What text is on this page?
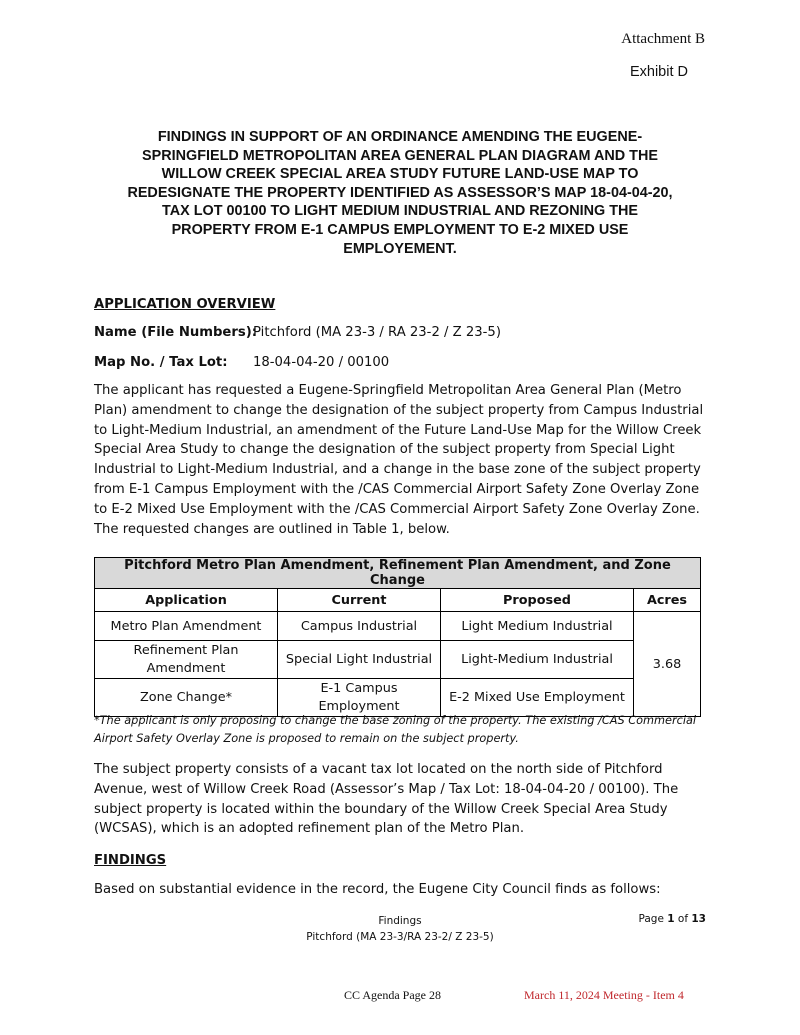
Attachment B
Exhibit D
FINDINGS IN SUPPORT OF AN ORDINANCE AMENDING THE EUGENE-
SPRINGFIELD METROPOLITAN AREA GENERAL PLAN DIAGRAM AND THE
WILLOW CREEK SPECIAL AREA STUDY FUTURE LAND-USE MAP TO
REDESIGNATE THE PROPERTY IDENTIFIED AS ASSESSOR’S MAP 18-04-04-20,
TAX LOT 00100 TO LIGHT MEDIUM INDUSTRIAL AND REZONING THE
PROPERTY FROM E-1 CAMPUS EMPLOYMENT TO E-2 MIXED USE
EMPLOYEMENT.
APPLICATION OVERVIEW
Name (File Numbers):
Pitchford (MA 23-3 / RA 23-2 / Z 23-5)
Map No. / Tax Lot: 18-04-04-20 / 00100
The applicant has requested a Eugene-Springfield Metropolitan Area General Plan (Metro Plan) amendment to change the designation of the subject property from Campus Industrial to Light-Medium Industrial, an amendment of the Future Land-Use Map for the Willow Creek Special Area Study to change the designation of the subject property from Special Light Industrial to Light-Medium Industrial, and a change in the base zone of the subject property from E-1 Campus Employment with the /CAS Commercial Airport Safety Zone Overlay Zone to E-2 Mixed Use Employment with the /CAS Commercial Airport Safety Zone Overlay Zone. The requested changes are outlined in Table 1, below.
Pitchford Metro Plan Amendment, Refinement Plan Amendment, and Zone Change			
Application	Current	Proposed	Acres
Metro Plan Amendment	Campus Industrial	Light Medium Industrial	3.68
Refinement Plan Amendment	Special Light Industrial	Light-Medium Industrial	
Zone Change*	E-1 Campus Employment	E-2 Mixed Use Employment	
*The applicant is only proposing to change the base zoning of the property. The existing /CAS Commercial Airport Safety Overlay Zone is proposed to remain on the subject property.
The subject property consists of a vacant tax lot located on the north side of Pitchford Avenue, west of Willow Creek Road (Assessor’s Map / Tax Lot: 18-04-04-20 / 00100). The subject property is located within the boundary of the Willow Creek Special Area Study (WCSAS), which is an adopted refinement plan of the Metro Plan.
FINDINGS
Based on substantial evidence in the record, the Eugene City Council finds as follows:
Findings
Pitchford (MA 23-3/RA 23-2/ Z 23-5)
Page 1 of 13
CC Agenda Page 28	March 11, 2024 Meeting - Item 4
